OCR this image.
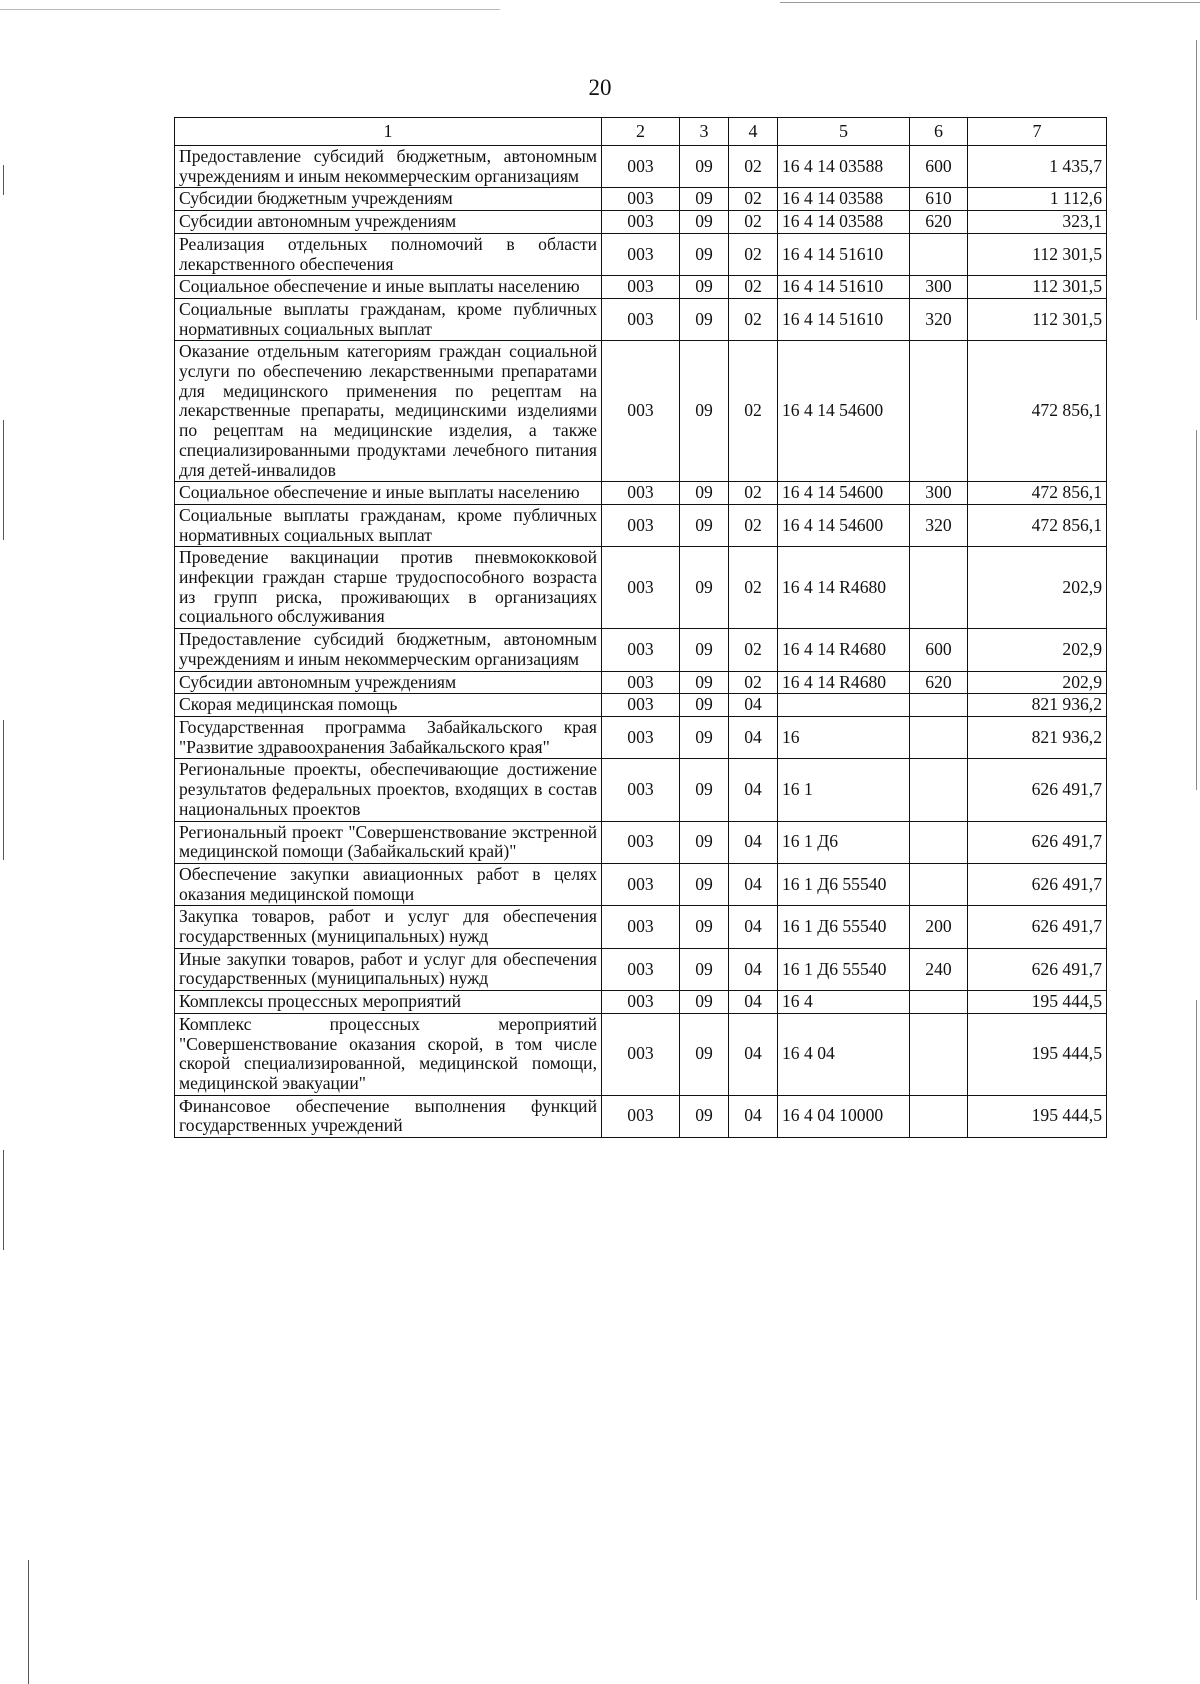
20
1	2	3	4	5	6	7
Предоставление субсидий бюджетным, автономным учреждениям и иным некоммерческим организациям	003	09	02	16 4 14 03588	600	1 435,7
Субсидии бюджетным учреждениям	003	09	02	16 4 14 03588	610	1 112,6
Субсидии автономным учреждениям	003	09	02	16 4 14 03588	620	323,1
Реализация отдельных полномочий в области лекарственного обеспечения	003	09	02	16 4 14 51610		112 301,5
Социальное обеспечение и иные выплаты населению	003	09	02	16 4 14 51610	300	112 301,5
Социальные выплаты гражданам, кроме публичных нормативных социальных выплат	003	09	02	16 4 14 51610	320	112 301,5
Оказание отдельным категориям граждан социальной услуги по обеспечению лекарственными препаратами для медицинского применения по рецептам на лекарственные препараты, медицинскими изделиями по рецептам на медицинские изделия, а также специализированными продуктами лечебного питания для детей-инвалидов	003	09	02	16 4 14 54600		472 856,1
Социальное обеспечение и иные выплаты населению	003	09	02	16 4 14 54600	300	472 856,1
Социальные выплаты гражданам, кроме публичных нормативных социальных выплат	003	09	02	16 4 14 54600	320	472 856,1
Проведение вакцинации против пневмококковой инфекции граждан старше трудоспособного возраста из групп риска, проживающих в организациях социального обслуживания	003	09	02	16 4 14 R4680		202,9
Предоставление субсидий бюджетным, автономным учреждениям и иным некоммерческим организациям	003	09	02	16 4 14 R4680	600	202,9
Субсидии автономным учреждениям	003	09	02	16 4 14 R4680	620	202,9
Скорая медицинская помощь	003	09	04			821 936,2
Государственная программа Забайкальского края "Развитие здравоохранения Забайкальского края"	003	09	04	16		821 936,2
Региональные проекты, обеспечивающие достижение результатов федеральных проектов, входящих в состав национальных проектов	003	09	04	16 1		626 491,7
Региональный проект "Совершенствование экстренной медицинской помощи (Забайкальский край)"	003	09	04	16 1 Д6		626 491,7
Обеспечение закупки авиационных работ в целях оказания медицинской помощи	003	09	04	16 1 Д6 55540		626 491,7
Закупка товаров, работ и услуг для обеспечения государственных (муниципальных) нужд	003	09	04	16 1 Д6 55540	200	626 491,7
Иные закупки товаров, работ и услуг для обеспечения государственных (муниципальных) нужд	003	09	04	16 1 Д6 55540	240	626 491,7
Комплексы процессных мероприятий	003	09	04	16 4		195 444,5
Комплекс процессных мероприятий "Совершенствование оказания скорой, в том числе скорой специализированной, медицинской помощи, медицинской эвакуации"	003	09	04	16 4 04		195 444,5
Финансовое обеспечение выполнения функций государственных учреждений	003	09	04	16 4 04 10000		195 444,5
